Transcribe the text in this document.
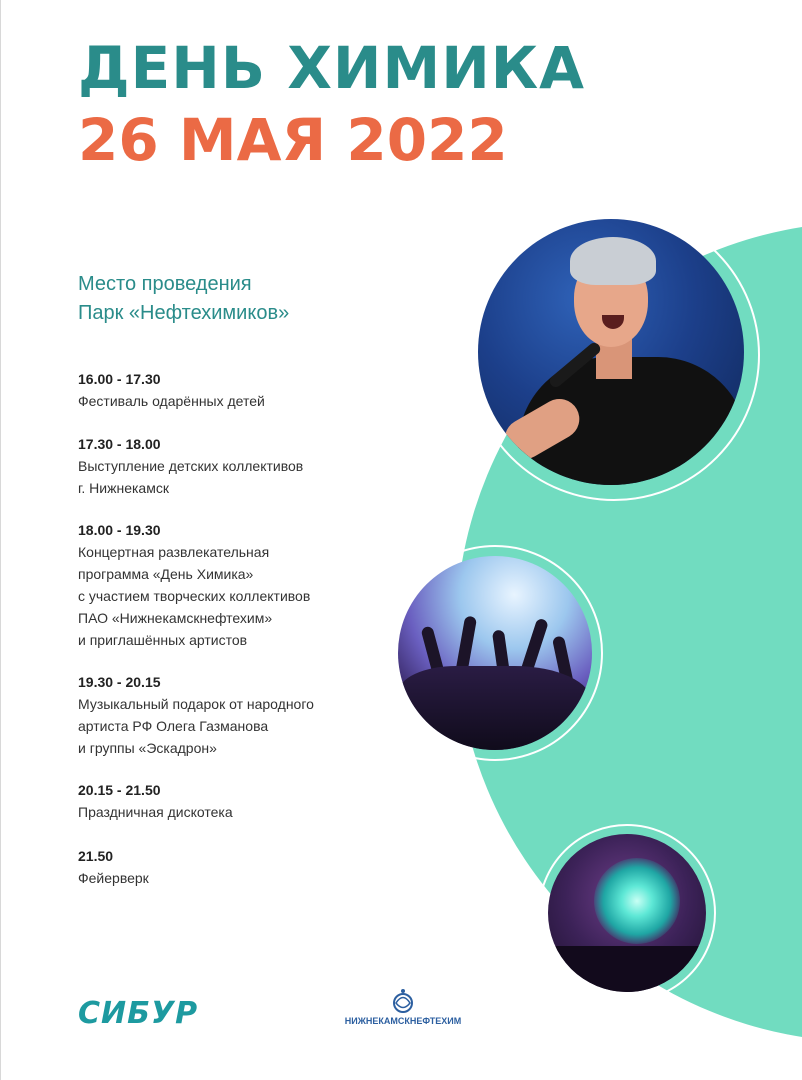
ДЕНЬ ХИМИКА
26 МАЯ 2022
Место проведения
Парк «Нефтехимиков»
16.00 - 17.30
Фестиваль одарённых детей
17.30 - 18.00
Выступление детских коллективов
г. Нижнекамск
18.00 - 19.30
Концертная развлекательная
программа «День Химика»
с участием творческих коллективов
ПАО «Нижнекамскнефтехим»
и приглашённых артистов
19.30 - 20.15
Музыкальный подарок от народного
артиста РФ Олега Газманова
и группы «Эскадрон»
20.15 - 21.50
Праздничная дискотека
21.50
Фейерверк
СИБУР	НИЖНЕКАМСКНЕФТЕХИМ
